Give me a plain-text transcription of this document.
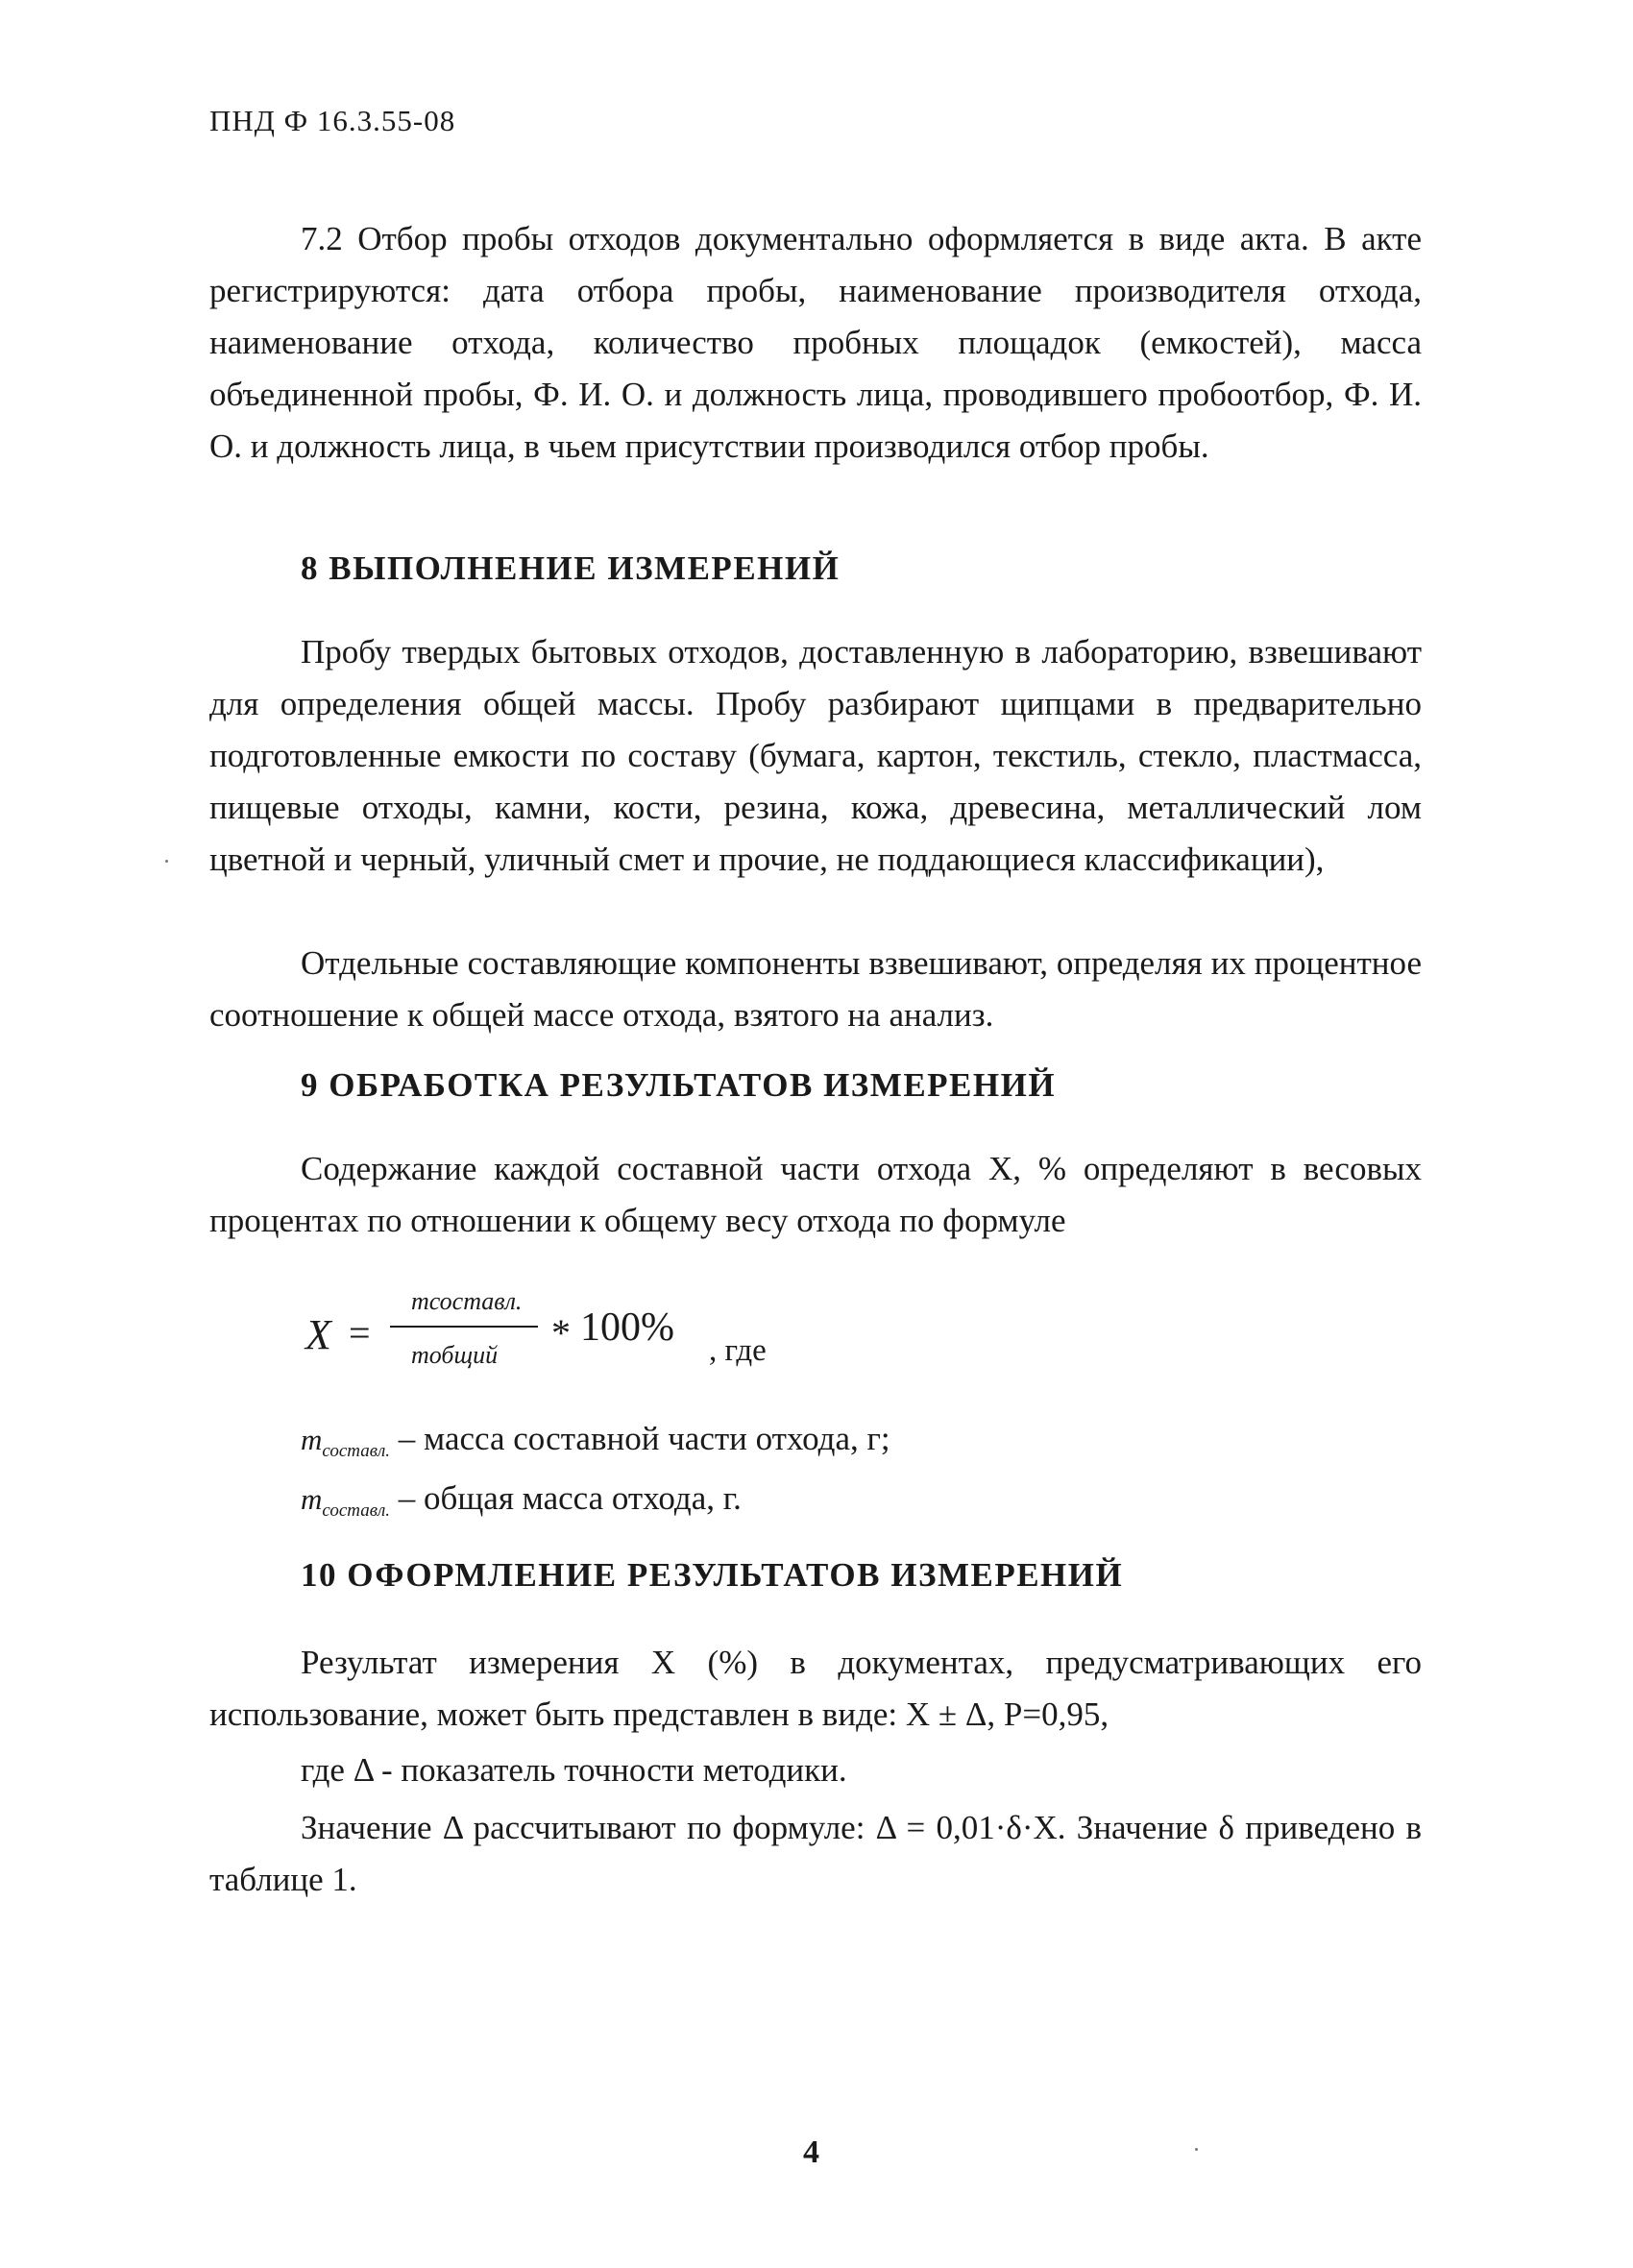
ПНД Ф 16.3.55-08

7.2 Отбор пробы отходов документально оформляется в виде акта. В акте регистрируются: дата отбора пробы, наименование производителя отхода, наименование отхода, количество пробных площадок (емкостей), масса объединенной пробы, Ф. И. О. и должность лица, проводившего пробоотбор, Ф. И. О. и должность лица, в чьем присутствии производился отбор пробы.

8 ВЫПОЛНЕНИЕ ИЗМЕРЕНИЙ

Пробу твердых бытовых отходов, доставленную в лабораторию, взвешивают для определения общей массы. Пробу разбирают щипцами в предварительно подготовленные емкости по составу (бумага, картон, текстиль, стекло, пластмасса, пищевые отходы, камни, кости, резина, кожа, древесина, металлический лом цветной и черный, уличный смет и прочие, не поддающиеся классификации),

Отдельные составляющие компоненты взвешивают, определяя их процентное соотношение к общей массе отхода, взятого на анализ.

9 ОБРАБОТКА РЕЗУЛЬТАТОВ ИЗМЕРЕНИЙ

Содержание каждой составной части отхода X, % определяют в весовых процентах по отношении к общему весу отхода по формуле

X =
mсоставл.
mобщий
* 100%
, где

$m_{составл.}$ – масса составной части отхода, г;

$m_{составл.}$ – общая масса отхода, г.

10 ОФОРМЛЕНИЕ РЕЗУЛЬТАТОВ ИЗМЕРЕНИЙ

Результат измерения X (%) в документах, предусматривающих его использование, может быть представлен в виде: X ± Δ, P=0,95,

где Δ - показатель точности методики.

Значение Δ рассчитывают по формуле: Δ = 0,01·δ·X. Значение δ приведено в таблице 1.

4
